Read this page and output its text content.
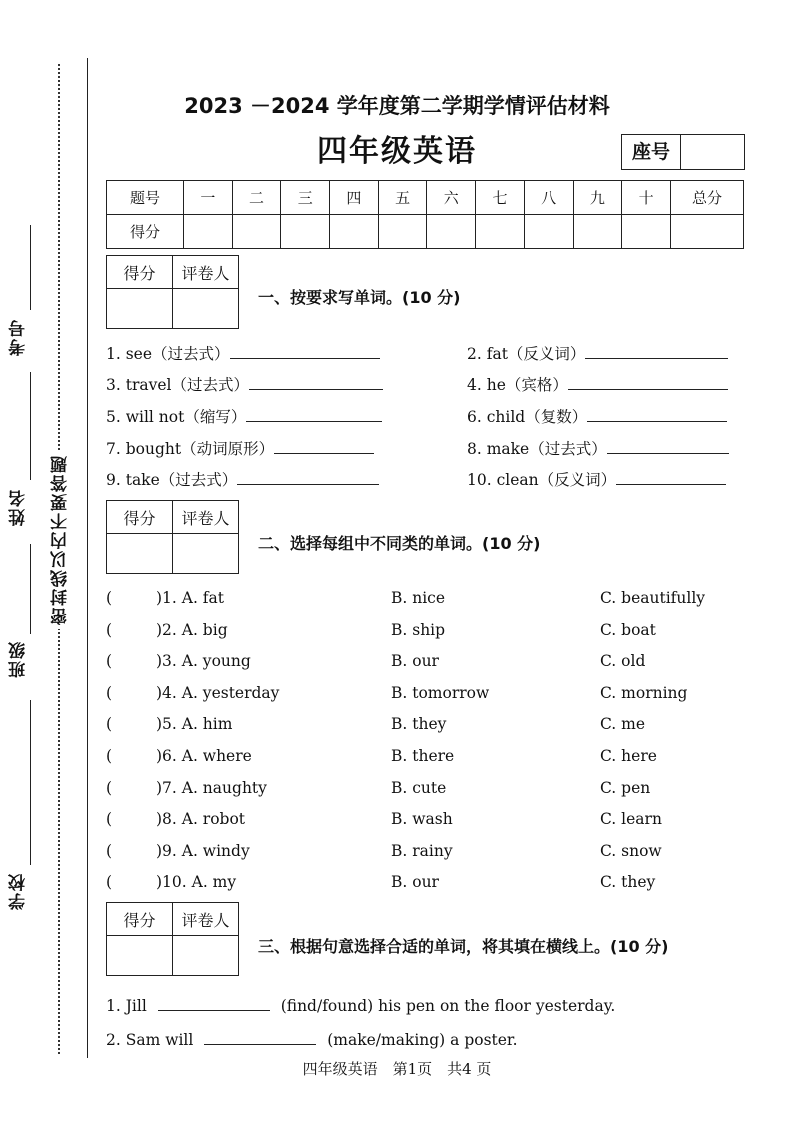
考号
姓名
班级
学校
密封线以内不要答题
2023 －2024 学年度第二学期学情评估材料
四年级英语	座号
题号	一	二	三	四	五	六	七	八	九	十	总分
得分											
得分	评卷人

一、按要求写单词。(10 分)
1. see（过去式）	2. fat（反义词）
3. travel（过去式）	4. he（宾格）
5. will not（缩写）	6. child（复数）
7. bought（动词原形）	8. make（过去式）
9. take（过去式）	10. clean（反义词）
得分	评卷人

二、选择每组中不同类的单词。(10 分)
(	)1. A. fat	B. nice	C. beautifully
(	)2. A. big	B. ship	C. boat
(	)3. A. young	B. our	C. old
(	)4. A. yesterday	B. tomorrow	C. morning
(	)5. A. him	B. they	C. me
(	)6. A. where	B. there	C. here
(	)7. A. naughty	B. cute	C. pen
(	)8. A. robot	B. wash	C. learn
(	)9. A. windy	B. rainy	C. snow
(	)10. A. my	B. our	C. they
得分	评卷人

三、根据句意选择合适的单词，将其填在横线上。(10 分)
1. Jill	(find/found) his pen on the floor yesterday.
2. Sam will	(make/making) a poster.
四年级英语　第1页　共4 页
